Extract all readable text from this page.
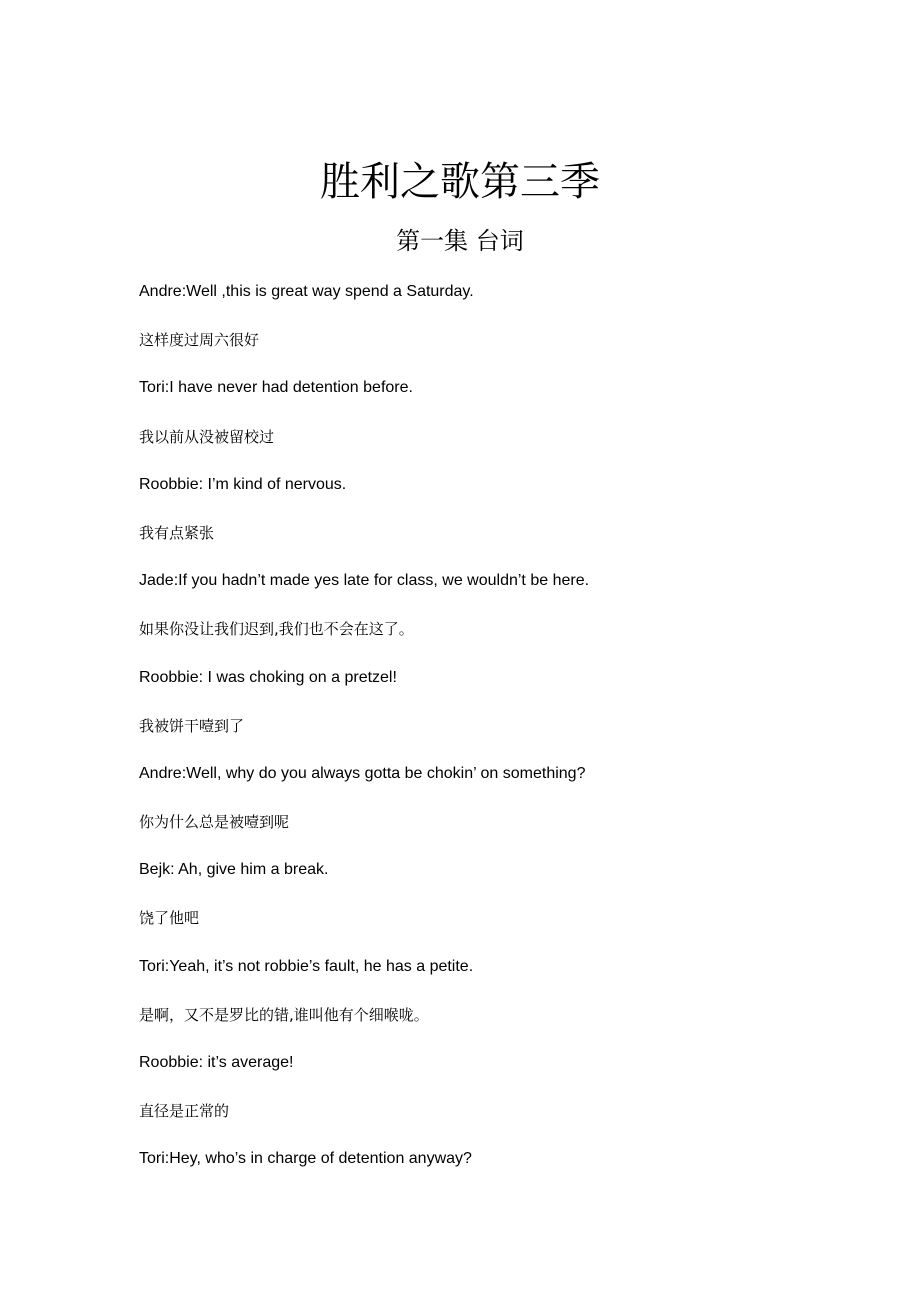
胜利之歌第三季
第一集 台词
Andre:Well ,this is great way spend a Saturday.
这样度过周六很好
Tori:I have never had detention before.
我以前从没被留校过
Roobbie: I’m kind of nervous.
我有点紧张
Jade:If you hadn’t made yes late for class, we wouldn’t be here.
如果你没让我们迟到,我们也不会在这了。
Roobbie: I was choking on a pretzel!
我被饼干噎到了
Andre:Well, why do you always gotta be chokin’ on something?
你为什么总是被噎到呢
Bejk: Ah, give him a break.
饶了他吧
Tori:Yeah, it’s not robbie’s fault, he has a petite.
是啊，又不是罗比的错,谁叫他有个细喉咙。
Roobbie: it’s average!
直径是正常的
Tori:Hey, who’s in charge of detention anyway?
